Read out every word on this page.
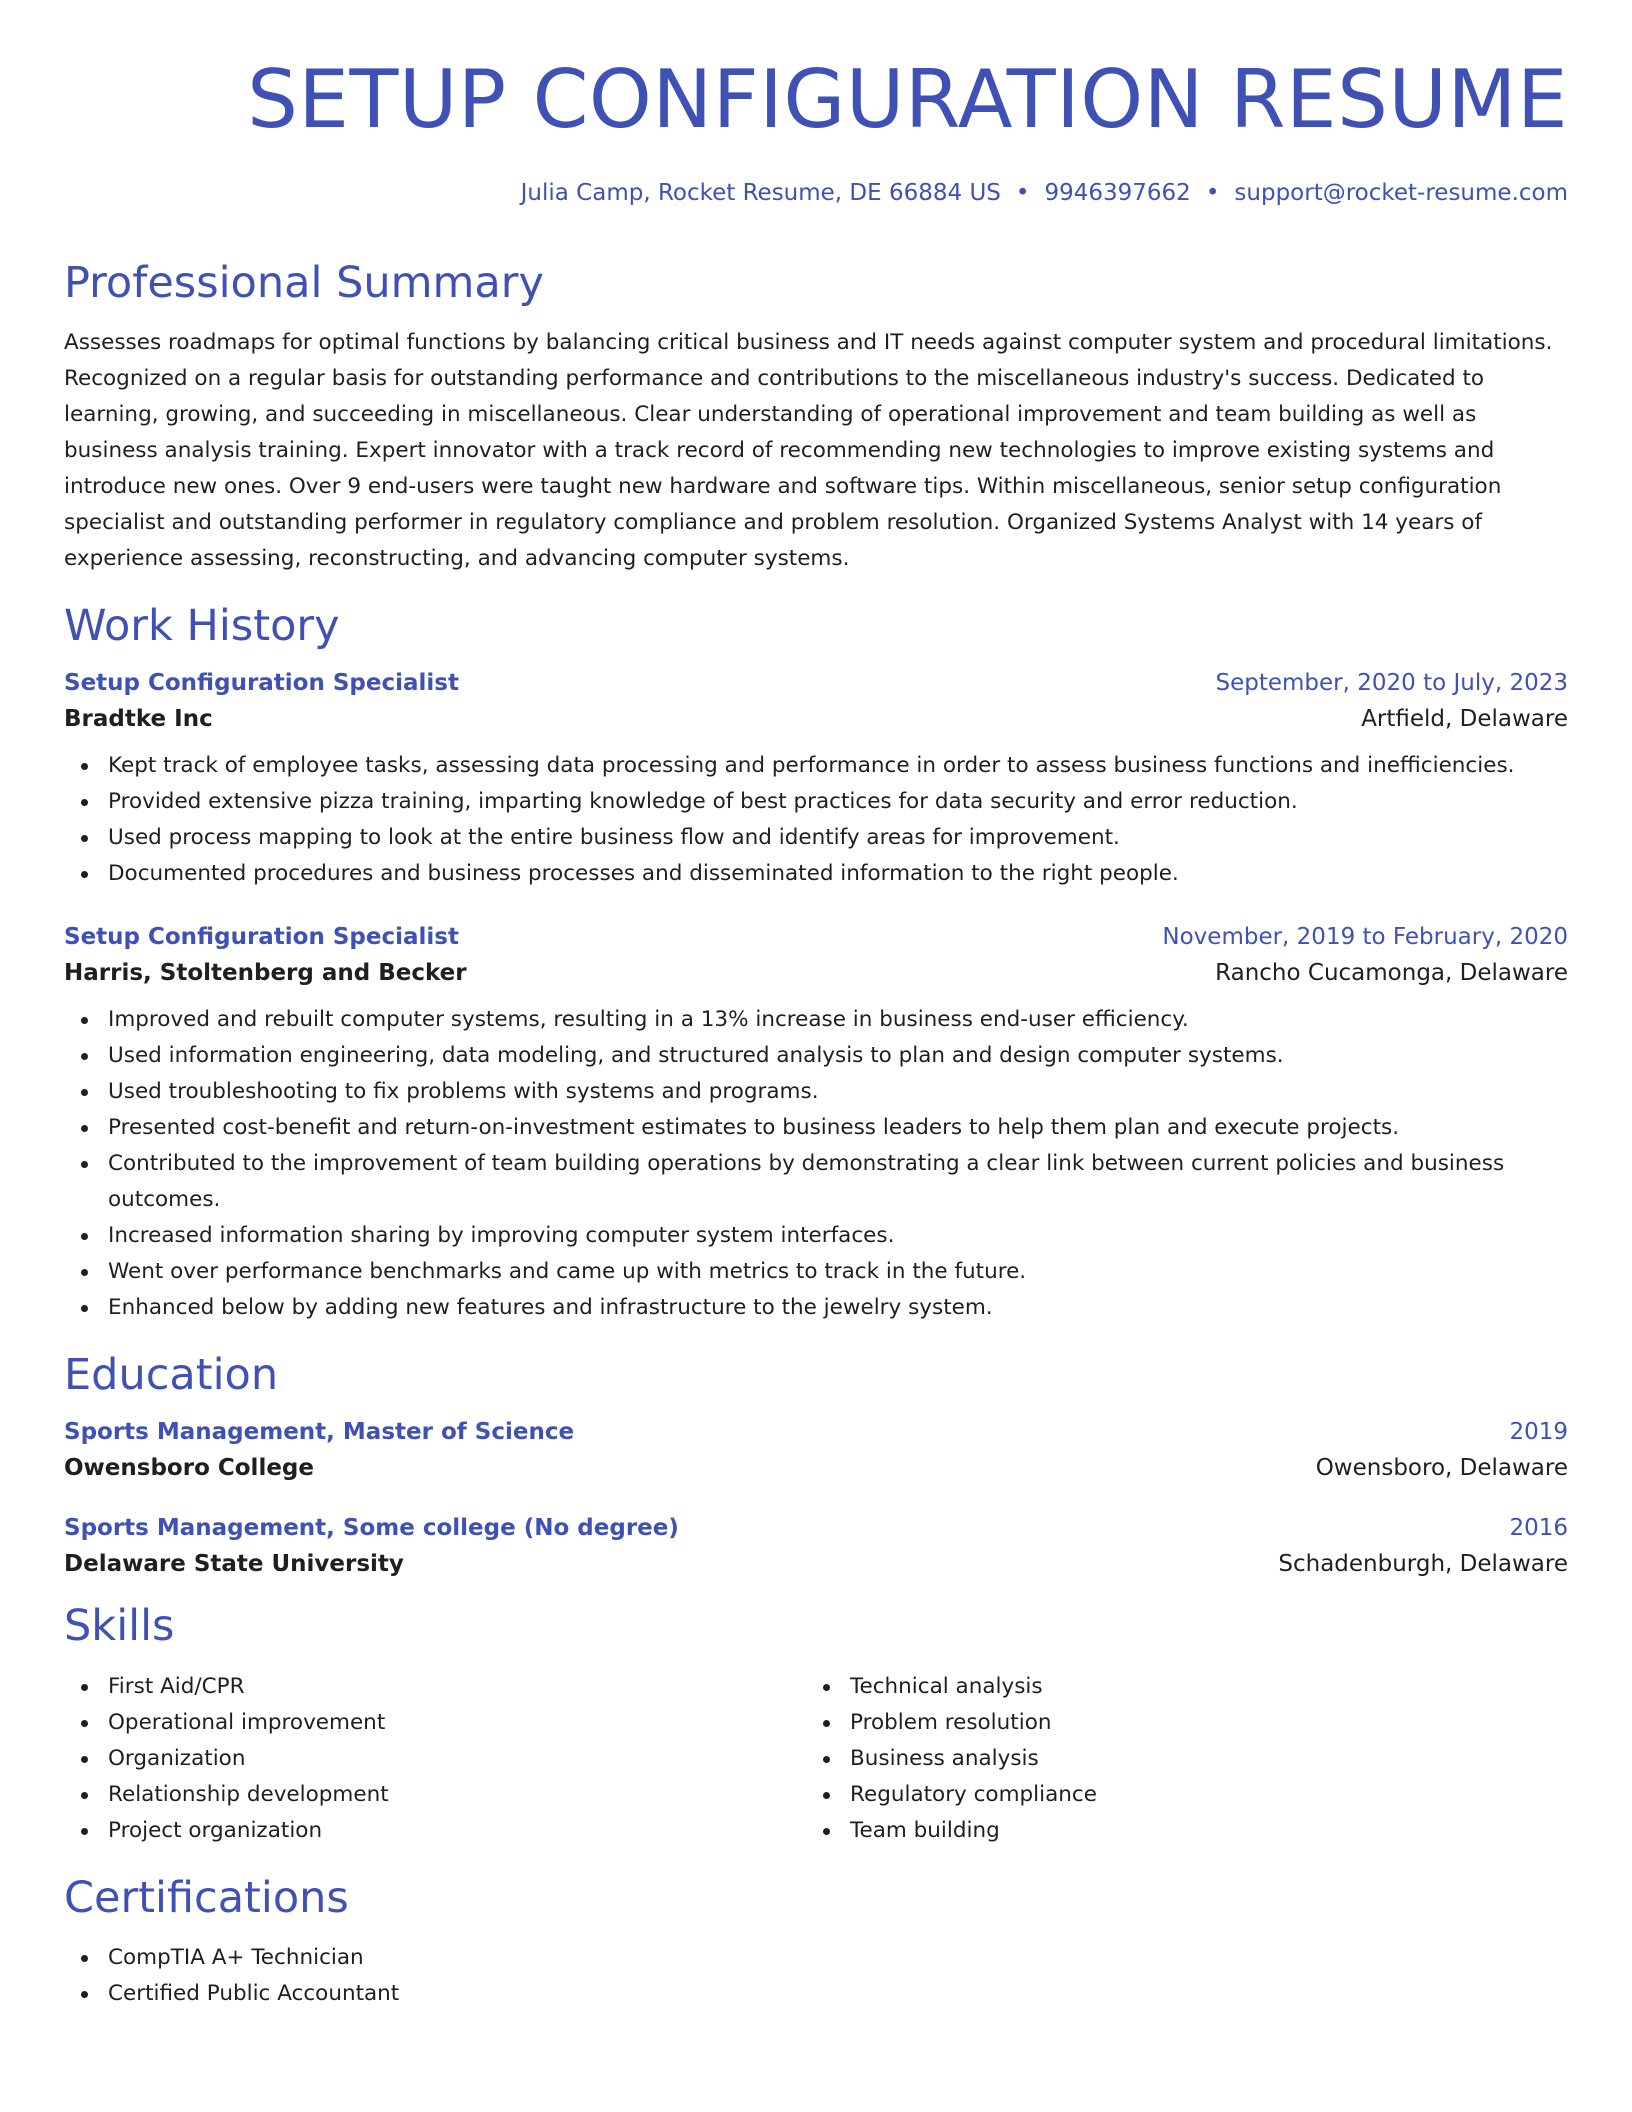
SETUP CONFIGURATION RESUME
Julia Camp, Rocket Resume, DE 66884 US • 9946397662 • support@rocket-resume.com
Professional Summary

Assesses roadmaps for optimal functions by balancing critical business and IT needs against computer system and procedural limitations. Recognized on a regular basis for outstanding performance and contributions to the miscellaneous industry's success. Dedicated to learning, growing, and succeeding in miscellaneous. Clear understanding of operational improvement and team building as well as business analysis training. Expert innovator with a track record of recommending new technologies to improve existing systems and introduce new ones. Over 9 end-users were taught new hardware and software tips. Within miscellaneous, senior setup configuration specialist and outstanding performer in regulatory compliance and problem resolution. Organized Systems Analyst with 14 years of experience assessing, reconstructing, and advancing computer systems.

Work History
Setup Configuration Specialist	September, 2020 to July, 2023
Bradtke Inc	Artfield, Delaware
Kept track of employee tasks, assessing data processing and performance in order to assess business functions and inefficiencies.
Provided extensive pizza training, imparting knowledge of best practices for data security and error reduction.
Used process mapping to look at the entire business flow and identify areas for improvement.
Documented procedures and business processes and disseminated information to the right people.
Setup Configuration Specialist	November, 2019 to February, 2020
Harris, Stoltenberg and Becker	Rancho Cucamonga, Delaware
Improved and rebuilt computer systems, resulting in a 13% increase in business end-user efficiency.
Used information engineering, data modeling, and structured analysis to plan and design computer systems.
Used troubleshooting to fix problems with systems and programs.
Presented cost-benefit and return-on-investment estimates to business leaders to help them plan and execute projects.
Contributed to the improvement of team building operations by demonstrating a clear link between current policies and business outcomes.
Increased information sharing by improving computer system interfaces.
Went over performance benchmarks and came up with metrics to track in the future.
Enhanced below by adding new features and infrastructure to the jewelry system.
Education
Sports Management, Master of Science	2019
Owensboro College	Owensboro, Delaware
Sports Management, Some college (No degree)	2016
Delaware State University	Schadenburgh, Delaware
Skills
First Aid/CPR
Operational improvement
Organization
Relationship development
Project organization
Technical analysis
Problem resolution
Business analysis
Regulatory compliance
Team building
Certifications
CompTIA A+ Technician
Certified Public Accountant
